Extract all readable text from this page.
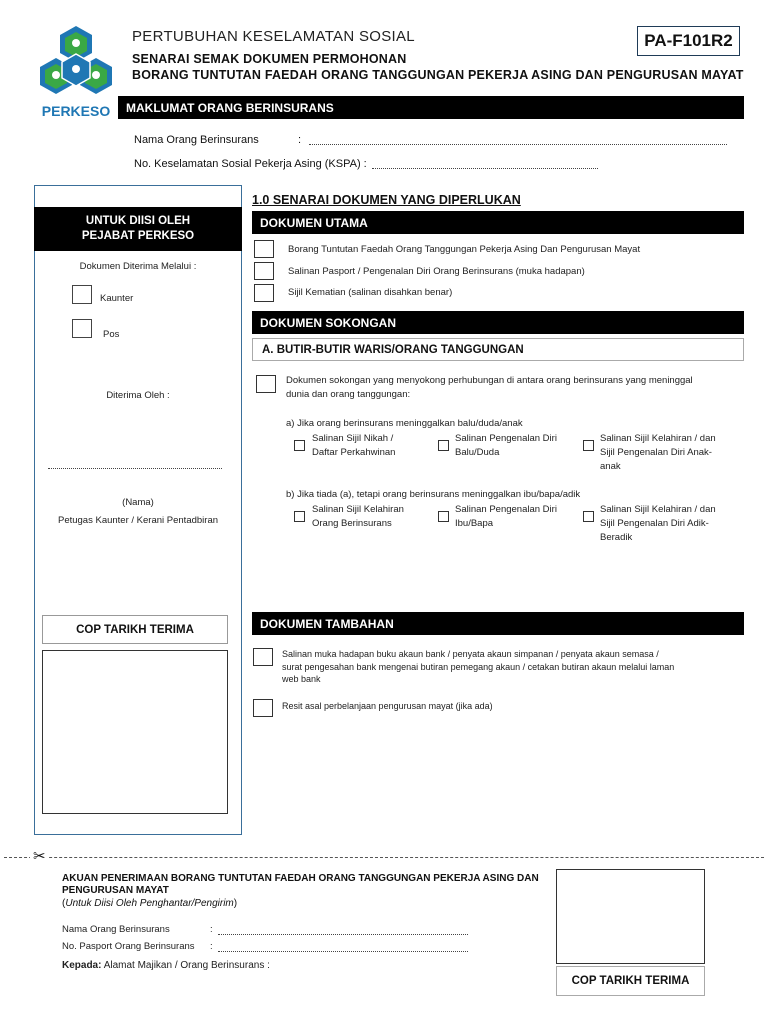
PERKESO
PERTUBUHAN KESELAMATAN SOSIAL	PA-F101R2
SENARAI SEMAK DOKUMEN PERMOHONAN
BORANG TUNTUTAN FAEDAH ORANG TANGGUNGAN PEKERJA ASING DAN PENGURUSAN MAYAT
MAKLUMAT ORANG BERINSURANS
Nama Orang Berinsurans	:
No. Keselamatan Sosial Pekerja Asing (KSPA) :
UNTUK DIISI OLEH
PEJABAT PERKESO
Dokumen Diterima Melalui :
Kaunter
Pos
Diterima Oleh :
(Nama)
Petugas Kaunter / Kerani Pentadbiran
COP TARIKH TERIMA
1.0 SENARAI DOKUMEN YANG DIPERLUKAN
DOKUMEN UTAMA
Borang Tuntutan Faedah Orang Tanggungan Pekerja Asing Dan Pengurusan Mayat
Salinan Pasport / Pengenalan Diri Orang Berinsurans (muka hadapan)
Sijil Kematian (salinan disahkan benar)
DOKUMEN SOKONGAN
A. BUTIR-BUTIR WARIS/ORANG TANGGUNGAN
Dokumen sokongan yang menyokong perhubungan di antara orang berinsurans yang meninggal
dunia dan orang tanggungan:
a) Jika orang berinsurans meninggalkan balu/duda/anak
Salinan Sijil Nikah /
Daftar Perkahwinan
Salinan Pengenalan Diri
Balu/Duda
Salinan Sijil Kelahiran / dan
Sijil Pengenalan Diri Anak-
anak
b) Jika tiada (a), tetapi orang berinsurans meninggalkan ibu/bapa/adik
Salinan Sijil Kelahiran
Orang Berinsurans
Salinan Pengenalan Diri
Ibu/Bapa
Salinan Sijil Kelahiran / dan
Sijil Pengenalan Diri Adik-
Beradik
DOKUMEN TAMBAHAN
Salinan muka hadapan buku akaun bank / penyata akaun simpanan / penyata akaun semasa /
surat pengesahan bank mengenai butiran pemegang akaun / cetakan butiran akaun melalui laman
web bank
Resit asal perbelanjaan pengurusan mayat (jika ada)
✂
AKUAN PENERIMAAN BORANG TUNTUTAN FAEDAH ORANG TANGGUNGAN PEKERJA ASING DAN
PENGURUSAN MAYAT
(Untuk Diisi Oleh Penghantar/Pengirim)
Nama Orang Berinsurans	:
No. Pasport Orang Berinsurans :
Kepada: Alamat Majikan / Orang Berinsurans :
COP TARIKH TERIMA
